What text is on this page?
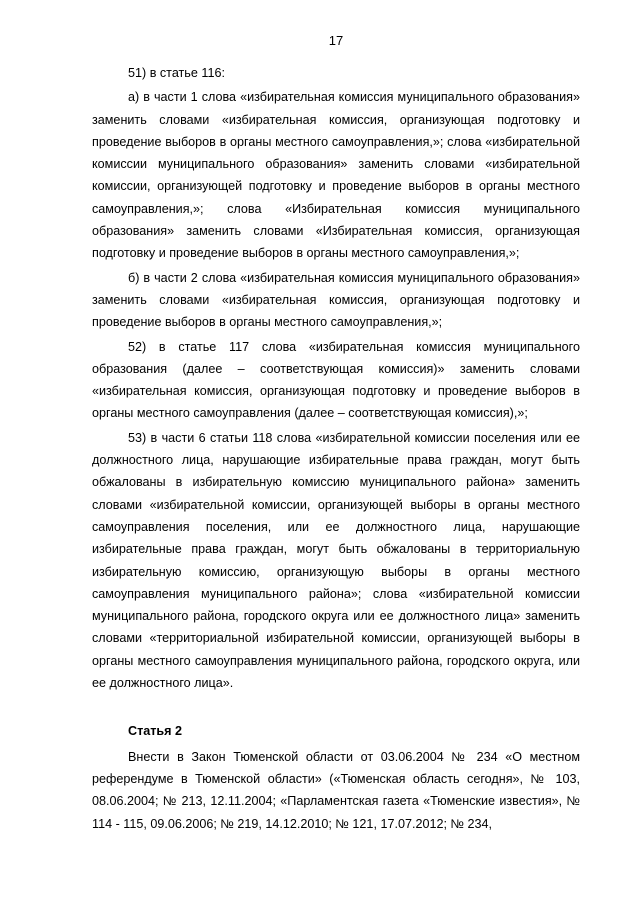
17

51) в статье 116:

а) в части 1 слова «избирательная комиссия муниципального образования» заменить словами «избирательная комиссия, организующая подготовку и проведение выборов в органы местного самоуправления,»; слова «избирательной комиссии муниципального образования» заменить словами «избирательной комиссии, организующей подготовку и проведение выборов в органы местного самоуправления,»; слова «Избирательная комиссия муниципального образования» заменить словами «Избирательная комиссия, организующая подготовку и проведение выборов в органы местного самоуправления,»;

б) в части 2 слова «избирательная комиссия муниципального образования» заменить словами «избирательная комиссия, организующая подготовку и проведение выборов в органы местного самоуправления,»;

52) в статье 117 слова «избирательная комиссия муниципального образования (далее – соответствующая комиссия)» заменить словами «избирательная комиссия, организующая подготовку и проведение выборов в органы местного самоуправления (далее – соответствующая комиссия),»;

53) в части 6 статьи 118 слова «избирательной комиссии поселения или ее должностного лица, нарушающие избирательные права граждан, могут быть обжалованы в избирательную комиссию муниципального района» заменить словами «избирательной комиссии, организующей выборы в органы местного самоуправления поселения, или ее должностного лица, нарушающие избирательные права граждан, могут быть обжалованы в территориальную избирательную комиссию, организующую выборы в органы местного самоуправления муниципального района»; слова «избирательной комиссии муниципального района, городского округа или ее должностного лица» заменить словами «территориальной избирательной комиссии, организующей выборы в органы местного самоуправления муниципального района, городского округа, или ее должностного лица».

Статья 2

Внести в Закон Тюменской области от 03.06.2004 № 234 «О местном референдуме в Тюменской области» («Тюменская область сегодня», № 103, 08.06.2004; № 213, 12.11.2004; «Парламентская газета «Тюменские известия», № 114 - 115, 09.06.2006; № 219, 14.12.2010; № 121, 17.07.2012; № 234,
